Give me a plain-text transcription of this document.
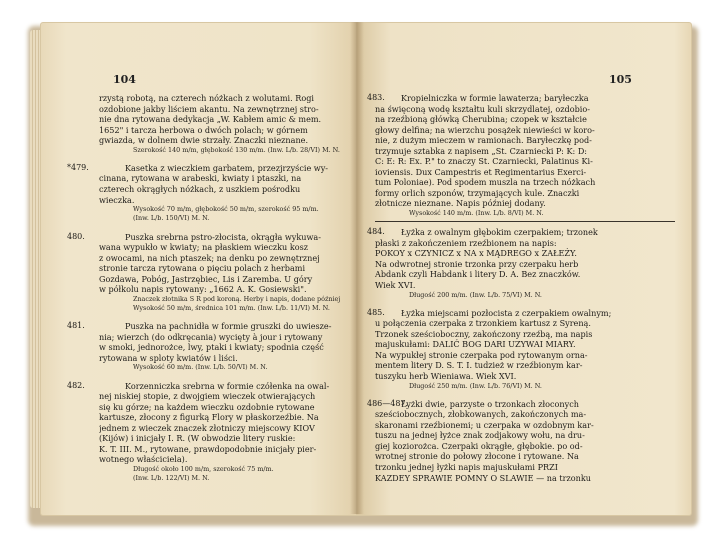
104
rzystą robotą, na czterech nóżkach z wolutami. Rogi
ozdobione jakby liściem akantu. Na zewnętrznej stro-
nie dna rytowana dedykacja „W. Kabłem amic & mem.
1652" i tarcza herbowa o dwóch polach; w górnem
gwiazda, w dolnem dwie strzały. Znaczki nieznane.
Szerokość 140 m/m, głębokość 130 m/m. (Inw. L/b. 28/VI) M. N.
*479.	Kasetka z wieczkiem garbatem, przezjrzyście wy-
cinana, rytowana w arabeski, kwiaty i ptaszki, na
czterech okrągłych nóżkach, z uszkiem pośrodku
wieczka.
Wysokość 70 m/m, głębokość 50 m/m, szerokość 95 m/m.
(Inw. L/b. 150/VI) M. N.
480.	Puszka srebrna pstro-złocista, okrągła wykuwa-
wana wypukło w kwiaty; na płaskiem wieczku kosz
z owocami, na nich ptaszek; na denku po zewnętrznej
stronie tarcza rytowana o pięciu polach z herbami
Gozdawa, Pobóg, Jastrzębiec, Lis i Zaremba. U góry
w półkolu napis rytowany: „1662 A. K. Gosiewski".
Znaczek złotnika S R pod koroną. Herby i napis, dodane później
Wysokość 50 m/m, średnica 101 m/m. (Inw. L/b. 11/VI) M. N.
481.	Puszka na pachnidła w formie gruszki do uwiesze-
nia; wierzch (do odkręcania) wycięty à jour i rytowany
w smoki, jednorożce, lwy, ptaki i kwiaty; spodnia część
rytowana w sploty kwiatów i liści.
Wysokość 60 m/m. (Inw. L/b. 50/VI) M. N.
482.	Korzenniczka srebrna w formie czółenka na owal-
nej niskiej stopie, z dwojgiem wieczek otwierających
się ku górze; na każdem wieczku ozdobnie rytowane
kartusze, złocony z figurką Flory w płaskorzeźbie. Na
jednem z wieczek znaczek złotniczy miejscowy KIOV
(Kijów) i inicjały I. R. (W obwodzie litery ruskie:
K. T. III. M., rytowane, prawdopodobnie inicjały pier-
wotnego właściciela).
Długość około 100 m/m, szerokość 75 m/m.
(Inw. L/b. 122/VI) M. N.
105
483.	Kropielniczka w formie lawaterza; baryłeczka
na święconą wodę kształtu kuli skrzydlatej, ozdobio-
na rzeźbioną główką Cherubina; czopek w kształcie
głowy delfina; na wierzchu posążek niewieści w koro-
nie, z dużym mieczem w ramionach. Baryłeczkę pod-
trzymuje sztabka z napisem „St. Czarniecki P: K: D:
C: E: R: Ex. P." to znaczy St. Czarniecki, Palatinus Ki-
ioviensis. Dux Campestris et Regimentarius Exerci-
tum Poloniae). Pod spodem muszla na trzech nóżkach
formy orlich szponów, trzymających kule. Znaczki
złotnicze nieznane. Napis później dodany.
Wysokość 140 m/m. (Inw. L/b. 8/VI) M. N.
484.	Łyżka z owalnym głębokim czerpakiem; trzonek
płaski z zakończeniem rzeźbionem na napis:
POKOY x CZYNICZ x NA x MĄDREGO x ZAŁEŻY.
Na odwrotnej stronie trzonka przy czerpaku herb
Abdank czyli Habdank i litery D. A. Bez znaczków.
Wiek XVI.
Długość 200 m/m. (Inw. L/b. 75/VI) M. N.
485.	Łyżka miejscami pozłocista z czerpakiem owalnym;
u połączenia czerpaka z trzonkiem kartusz z Syreną.
Trzonek sześcioboczny, zakończony rzeźbą, ma napis
majuskułami: DALIĆ BOG DARI UZYWAI MIARY.
Na wypukłej stronie czerpaka pod rytowanym orna-
mentem litery D. S. T. I. tudzież w rzeźbionym kar-
tuszyku herb Wieniawa. Wiek XVI.
Długość 250 m/m. (Inw. L/b. 76/VI) M. N.
486—487.
Łyżki dwie, parzyste o trzonkach złoconych
sześciobocznych, złobkowanych, zakończonych ma-
skaronami rzeźbionemi; u czerpaka w ozdobnym kar-
tuszu na jednej łyżce znak zodjakowy wołu, na dru-
giej koziorożca. Czerpaki okrągłe, głębokie. po od-
wrotnej stronie do połowy złocone i rytowane. Na
trzonku jednej łyżki napis majuskułami PRZI
KAZDEY SPRAWIE POMNY O SLAWIE — na trzonku
